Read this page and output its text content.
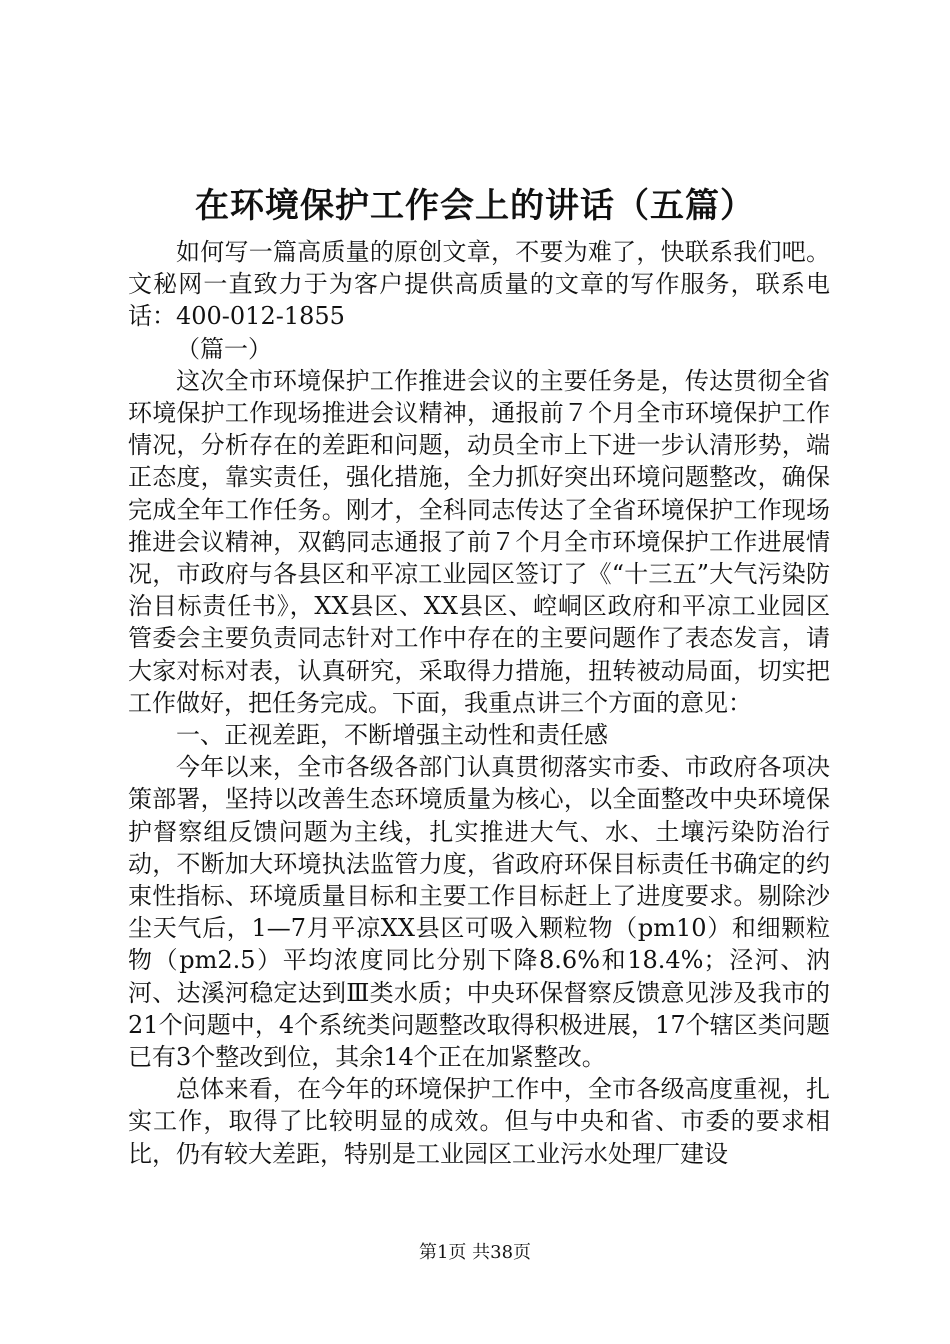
在环境保护工作会上的讲话（五篇）

如何写一篇高质量的原创文章，不要为难了，快联系我们吧。文秘网一直致力于为客户提供高质量的文章的写作服务，联系电话：400-012-1855

（篇一）

这次全市环境保护工作推进会议的主要任务是，传达贯彻全省环境保护工作现场推进会议精神，通报前７个月全市环境保护工作情况，分析存在的差距和问题，动员全市上下进一步认清形势，端正态度，靠实责任，强化措施，全力抓好突出环境问题整改，确保完成全年工作任务。刚才，全科同志传达了全省环境保护工作现场推进会议精神，双鹤同志通报了前７个月全市环境保护工作进展情况，市政府与各县区和平凉工业园区签订了《“十三五”大气污染防治目标责任书》，XX县区、XX县区、崆峒区政府和平凉工业园区管委会主要负责同志针对工作中存在的主要问题作了表态发言，请大家对标对表，认真研究，采取得力措施，扭转被动局面，切实把工作做好，把任务完成。下面，我重点讲三个方面的意见：

一、正视差距，不断增强主动性和责任感

今年以来，全市各级各部门认真贯彻落实市委、市政府各项决策部署，坚持以改善生态环境质量为核心，以全面整改中央环境保护督察组反馈问题为主线，扎实推进大气、水、土壤污染防治行动，不断加大环境执法监管力度，省政府环保目标责任书确定的约束性指标、环境质量目标和主要工作目标赶上了进度要求。剔除沙尘天气后，1—7月平凉XX县区可吸入颗粒物（pm10）和细颗粒物（pm2.5）平均浓度同比分别下降8.6%和18.4%；泾河、汭河、达溪河稳定达到Ⅲ类水质；中央环保督察反馈意见涉及我市的21个问题中，4个系统类问题整改取得积极进展，17个辖区类问题已有3个整改到位，其余14个正在加紧整改。

总体来看，在今年的环境保护工作中，全市各级高度重视，扎实工作，取得了比较明显的成效。但与中央和省、市委的要求相比，仍有较大差距，特别是工业园区工业污水处理厂建设

第1页 共38页
